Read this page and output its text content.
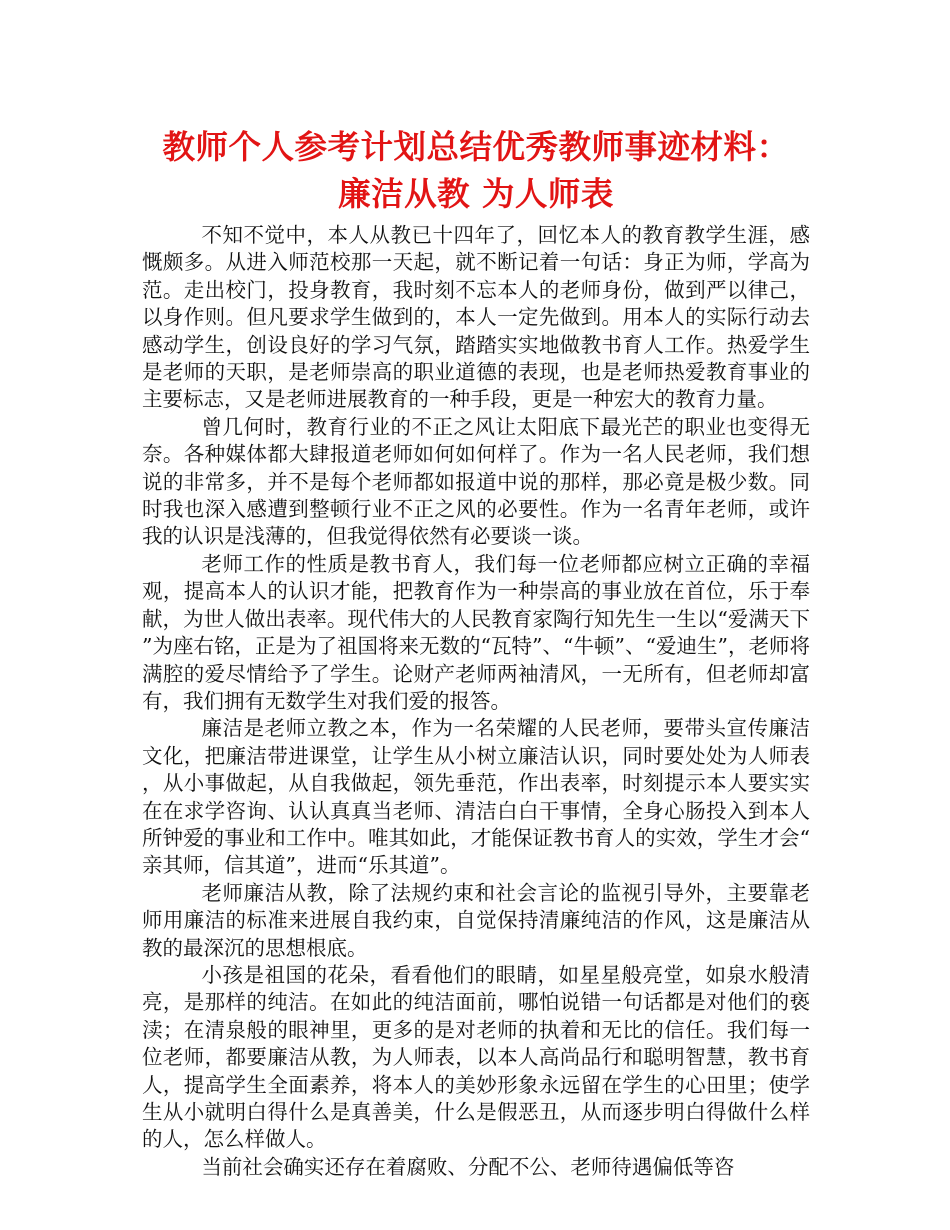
教师个人参考计划总结优秀教师事迹材料：
廉洁从教 为人师表

不知不觉中，本人从教已十四年了，回忆本人的教育教学生涯，感慨颇多。从进入师范校那一天起，就不断记着一句话：身正为师，学高为范。走出校门，投身教育，我时刻不忘本人的老师身份，做到严以律己，以身作则。但凡要求学生做到的，本人一定先做到。用本人的实际行动去感动学生，创设良好的学习气氛，踏踏实实地做教书育人工作。热爱学生是老师的天职，是老师崇高的职业道德的表现，也是老师热爱教育事业的主要标志，又是老师进展教育的一种手段，更是一种宏大的教育力量。

曾几何时，教育行业的不正之风让太阳底下最光芒的职业也变得无奈。各种媒体都大肆报道老师如何如何样了。作为一名人民老师，我们想说的非常多，并不是每个老师都如报道中说的那样，那必竟是极少数。同时我也深入感遭到整顿行业不正之风的必要性。作为一名青年老师，或许我的认识是浅薄的，但我觉得依然有必要谈一谈。

老师工作的性质是教书育人，我们每一位老师都应树立正确的幸福观，提高本人的认识才能，把教育作为一种崇高的事业放在首位，乐于奉献，为世人做出表率。现代伟大的人民教育家陶行知先生一生以“爱满天下”为座右铭，正是为了祖国将来无数的“瓦特”、“牛顿”、“爱迪生”，老师将满腔的爱尽情给予了学生。论财产老师两袖清风，一无所有，但老师却富有，我们拥有无数学生对我们爱的报答。

廉洁是老师立教之本，作为一名荣耀的人民老师，要带头宣传廉洁文化，把廉洁带进课堂，让学生从小树立廉洁认识，同时要处处为人师表，从小事做起，从自我做起，领先垂范，作出表率，时刻提示本人要实实在在求学咨询、认认真真当老师、清洁白白干事情，全身心肠投入到本人所钟爱的事业和工作中。唯其如此，才能保证教书育人的实效，学生才会“亲其师，信其道”，进而“乐其道”。

老师廉洁从教，除了法规约束和社会言论的监视引导外，主要靠老师用廉洁的标准来进展自我约束，自觉保持清廉纯洁的作风，这是廉洁从教的最深沉的思想根底。

小孩是祖国的花朵，看看他们的眼睛，如星星般亮堂，如泉水般清亮，是那样的纯洁。在如此的纯洁面前，哪怕说错一句话都是对他们的亵渎；在清泉般的眼神里，更多的是对老师的执着和无比的信任。我们每一位老师，都要廉洁从教，为人师表，以本人高尚品行和聪明智慧，教书育人，提高学生全面素养，将本人的美妙形象永远留在学生的心田里；使学生从小就明白得什么是真善美，什么是假恶丑，从而逐步明白得做什么样的人，怎么样做人。

当前社会确实还存在着腐败、分配不公、老师待遇偏低等咨
